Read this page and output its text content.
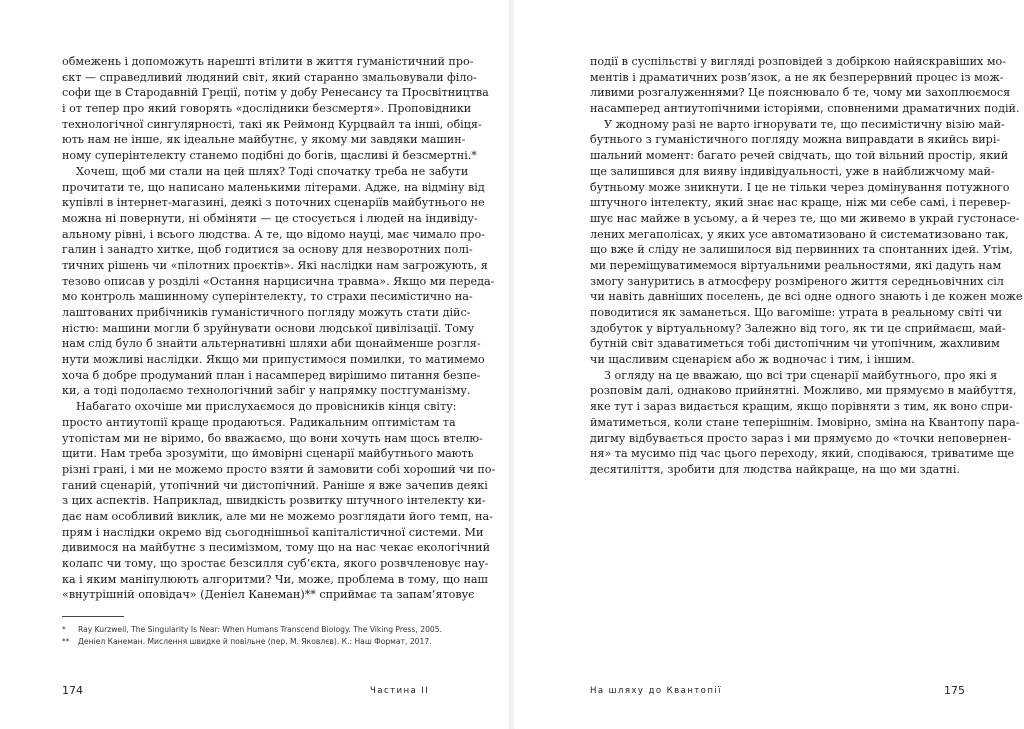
обмежень і допоможуть нарешті втілити в життя гуманістичний про-
єкт — справедливий людяний світ, який старанно змальовували філо-
софи ще в Стародавній Греції, потім у добу Ренесансу та Просвітництва
і от тепер про який говорять «дослідники безсмертя». Проповідники
технологічної сингулярності, такі як Реймонд Курцвайл та інші, обіця-
ють нам не інше, як ідеальне майбутнє, у якому ми завдяки машин-
ному суперінтелекту станемо подібні до богів, щасливі й безсмертні.*
Хочеш, щоб ми стали на цей шлях? Тоді спочатку треба не забути
прочитати те, що написано маленькими літерами. Адже, на відміну від
купівлі в інтернет-магазині, деякі з поточних сценаріїв майбутнього не
можна ні повернути, ні обміняти — це стосується і людей на індивіду-
альному рівні, і всього людства. А те, що відомо науці, має чимало про-
галин і занадто хитке, щоб годитися за основу для незворотних полі-
тичних рішень чи «пілотних проєктів». Які наслідки нам загрожують, я
тезово описав у розділі «Остання нарцисична травма». Якщо ми переда-
мо контроль машинному суперінтелекту, то страхи песимістично на-
лаштованих прибічників гуманістичного погляду можуть стати дійс-
ністю: машини могли б зруйнувати основи людської цивілізації. Тому
нам слід було б знайти альтернативні шляхи аби щонайменше розгля-
нути можливі наслідки. Якщо ми припустимося помилки, то матимемо
хоча б добре продуманий план і насамперед вирішимо питання безпе-
ки, а тоді подолаємо технологічний забіг у напрямку постгуманізму.
Набагато охочіше ми прислухаємося до провісників кінця світу:
просто антиутопії краще продаються. Радикальним оптимістам та
утопістам ми не віримо, бо вважаємо, що вони хочуть нам щось втелю-
щити. Нам треба зрозуміти, що ймовірні сценарії майбутнього мають
різні грані, і ми не можемо просто взяти й замовити собі хороший чи по-
ганий сценарій, утопічний чи дистопічний. Раніше я вже зачепив деякі
з цих аспектів. Наприклад, швидкість розвитку штучного інтелекту ки-
дає нам особливий виклик, але ми не можемо розглядати його темп, на-
прям і наслідки окремо від сьогоднішньої капіталістичної системи. Ми
дивимося на майбутнє з песимізмом, тому що на нас чекає екологічний
колапс чи тому, що зростає безсилля суб’єкта, якого розвчленовує нау-
ка і яким маніпулюють алгоритми? Чи, може, проблема в тому, що наш
«внутрішній оповідач» (Деніел Канеман)** сприймає та запам’ятовує
*	Ray Kurzweil, The Singularity Is Near: When Humans Transcend Biology. The Viking Press, 2005.
**	Деніел Канеман. Мислення швидке й повільне (пер. М. Яковлєв). К.: Наш Формат, 2017.
174	Частина II
події в суспільстві у вигляді розповідей з добіркою найяскравіших мо-
ментів і драматичних розв’язок, а не як безперервний процес із мож-
ливими розгалуженнями? Це пояснювало б те, чому ми захоплюємося
насамперед антиутопічними історіями, сповненими драматичних подій.
У жодному разі не варто ігнорувати те, що песимістичну візію май-
бутнього з гуманістичного погляду можна виправдати в якийсь вирі-
шальний момент: багато речей свідчать, що той вільний простір, який
ще залишився для вияву індивідуальності, уже в найближчому май-
бутньому може зникнути. І це не тільки через домінування потужного
штучного інтелекту, який знає нас краще, ніж ми себе самі, і перевер-
шує нас майже в усьому, а й через те, що ми живемо в украй густонасе-
лених мегаполісах, у яких усе автоматизовано й систематизовано так,
що вже й сліду не залишилося від первинних та спонтанних ідей. Утім,
ми переміщуватимемося віртуальними реальностями, які дадуть нам
змогу зануритись в атмосферу розміреного життя середньовічних сіл
чи навіть давніших поселень, де всі одне одного знають і де кожен може
поводитися як заманеться. Що вагоміше: утрата в реальному світі чи
здобуток у віртуальному? Залежно від того, як ти це сприймаєш, май-
бутній світ здаватиметься тобі дистопічним чи утопічним, жахливим
чи щасливим сценарієм або ж водночас і тим, і іншим.
З огляду на це вважаю, що всі три сценарії майбутнього, про які я
розповім далі, однаково прийнятні. Можливо, ми прямуємо в майбуття,
яке тут і зараз видається кращим, якщо порівняти з тим, як воно спри-
йматиметься, коли стане теперішнім. Імовірно, зміна на Квантопу пара-
дигму відбувається просто зараз і ми прямуємо до «точки неповернен-
ня» та мусимо під час цього переходу, який, сподіваюся, триватиме ще
десятиліття, зробити для людства найкраще, на що ми здатні.
На шляху до Квантопії	175
